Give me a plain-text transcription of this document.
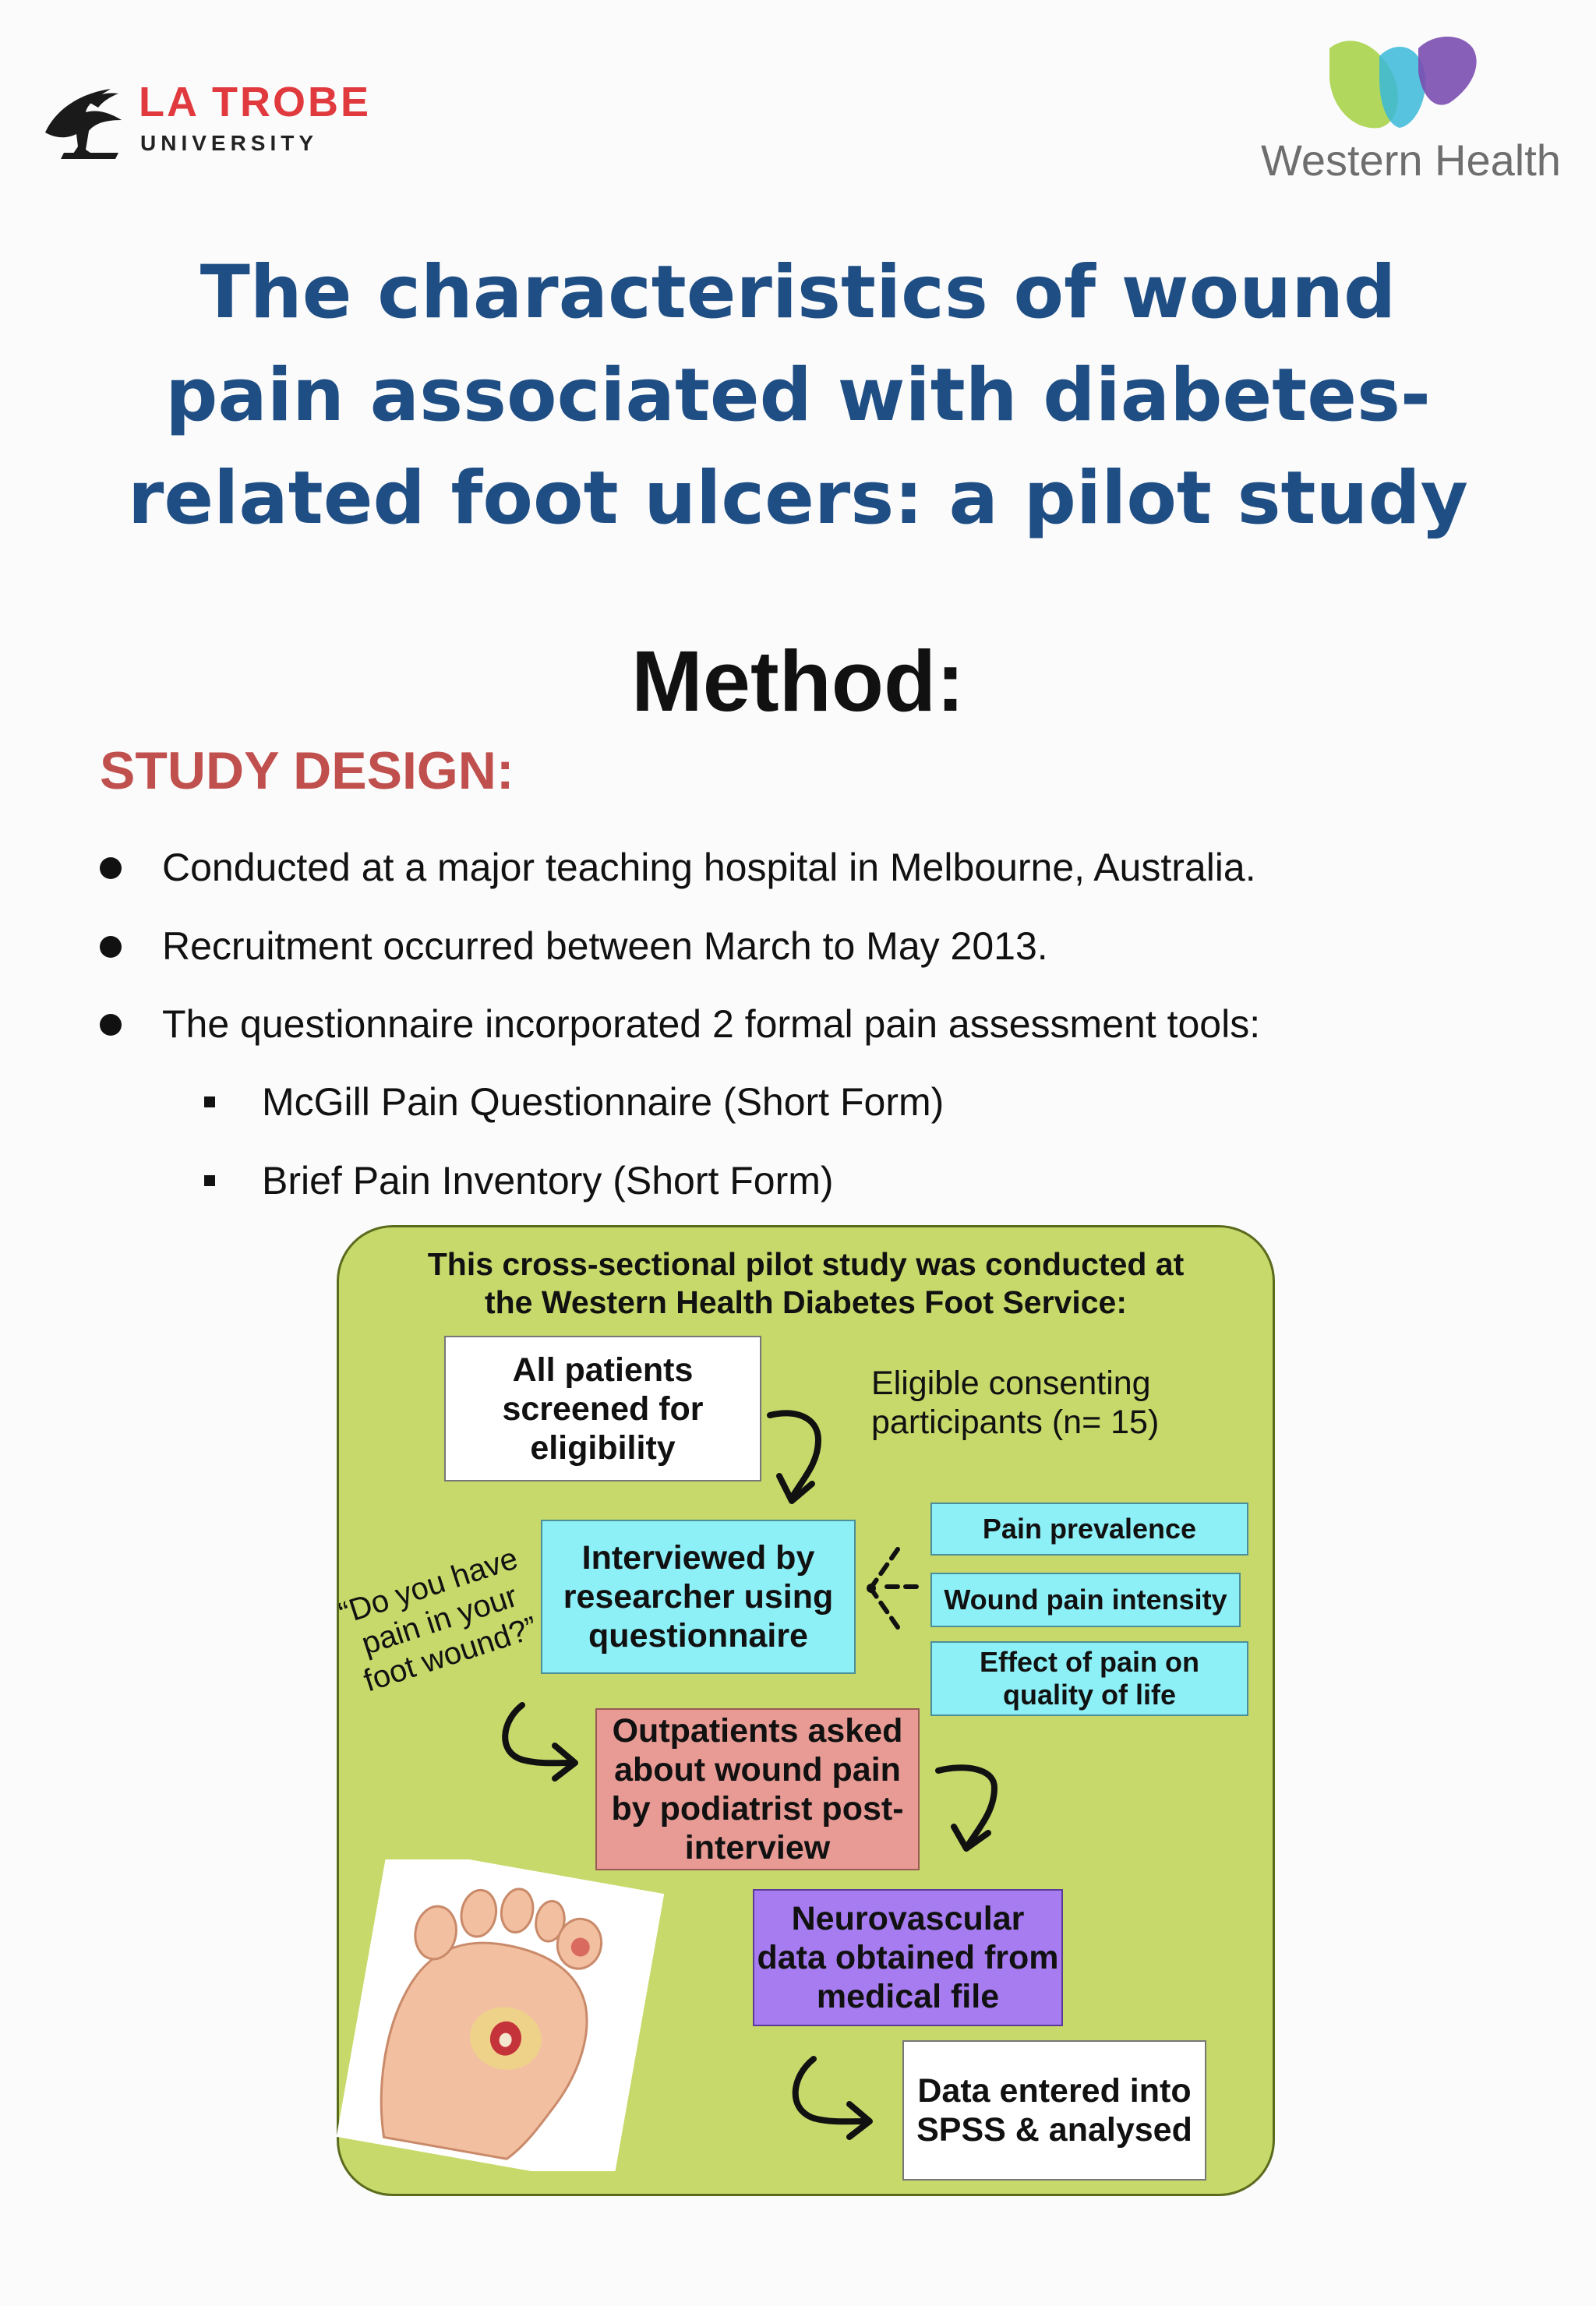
LA TROBE
UNIVERSITY	Western Health
The characteristics of wound pain associated with diabetes-related foot ulcers: a pilot study
Method:
STUDY DESIGN:
Conducted at a major teaching hospital in Melbourne, Australia.
Recruitment occurred between March to May 2013.
The questionnaire incorporated 2 formal pain assessment tools:
McGill Pain Questionnaire (Short Form)
Brief Pain Inventory (Short Form)
This cross-sectional pilot study was conducted at
the Western Health Diabetes Foot Service:
All patients screened for eligibility
Eligible consenting
participants (n= 15)
Interviewed by researcher using questionnaire
“Do you have pain in your foot wound?”
Pain prevalence
Wound pain intensity
Effect of pain on quality of life
Outpatients asked about wound pain by podiatrist post-interview
Neurovascular data obtained from medical file
Data entered into SPSS & analysed
